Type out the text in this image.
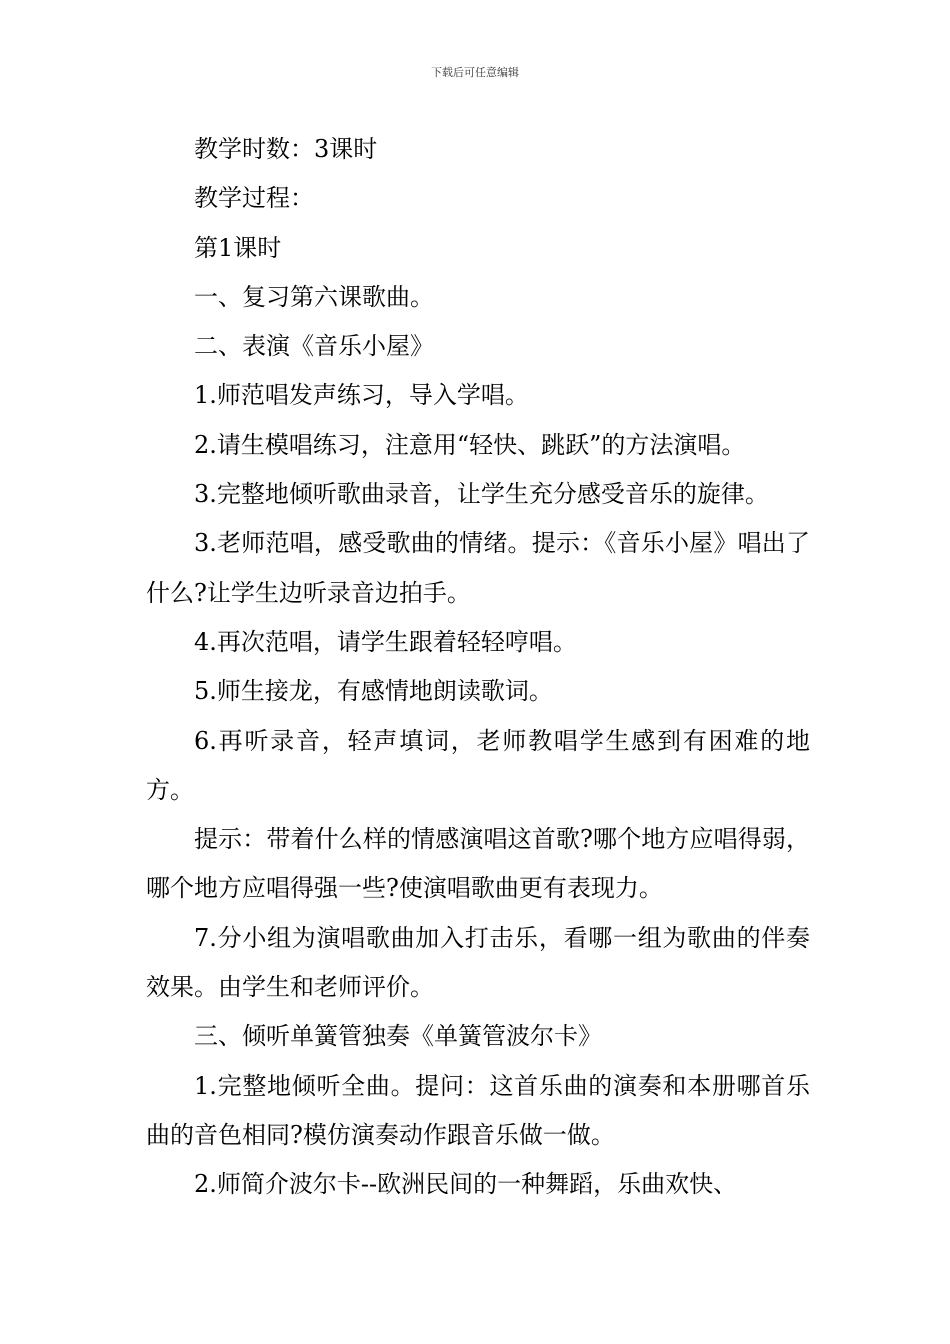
下载后可任意编辑

教学时数：3课时

教学过程：

第1课时

一、复习第六课歌曲。

二、表演《音乐小屋》

1.师范唱发声练习，导入学唱。

2.请生模唱练习，注意用“轻快、跳跃”的方法演唱。

3.完整地倾听歌曲录音，让学生充分感受音乐的旋律。

3.老师范唱，感受歌曲的情绪。提示：《音乐小屋》唱出了什么?让学生边听录音边拍手。

4.再次范唱，请学生跟着轻轻哼唱。

5.师生接龙，有感情地朗读歌词。

6.再听录音，轻声填词，老师教唱学生感到有困难的地方。

提示：带着什么样的情感演唱这首歌?哪个地方应唱得弱，哪个地方应唱得强一些?使演唱歌曲更有表现力。

7.分小组为演唱歌曲加入打击乐，看哪一组为歌曲的伴奏效果。由学生和老师评价。

三、倾听单簧管独奏《单簧管波尔卡》

1.完整地倾听全曲。提问：这首乐曲的演奏和本册哪首乐曲的音色相同?模仿演奏动作跟音乐做一做。

2.师简介波尔卡--欧洲民间的一种舞蹈，乐曲欢快、
